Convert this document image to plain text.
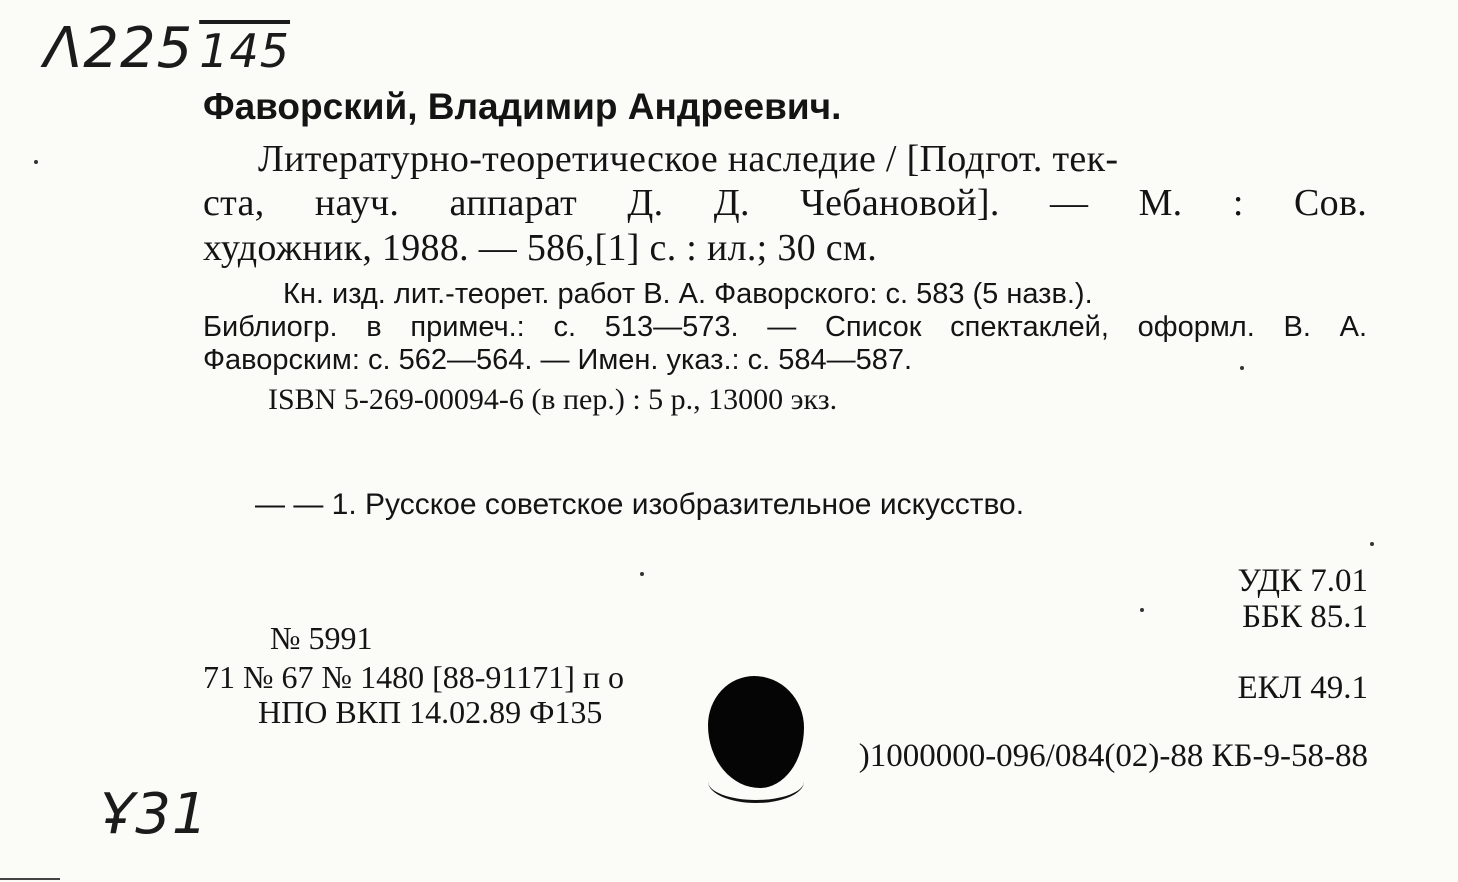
Λ225 145

Фаворский, Владимир Андреевич.

Литературно-теоретическое наследие / [Подгот. тек-

ста, науч. аппарат Д. Д. Чебановой]. — М. : Сов.

художник, 1988. — 586,[1] с. : ил.; 30 см.

Кн. изд. лит.-теорет. работ В. А. Фаворского: с. 583 (5 назв.).

Библиогр. в примеч.: с. 513—573. — Список спектаклей, оформл. В. А.

Фаворским: с. 562—564. — Имен. указ.: с. 584—587.

ISBN 5-269-00094-6 (в пер.) : 5 р., 13000 экз.

— — 1. Русское советское изобразительное искусство.

УДК 7.01

ББК 85.1

ЕКЛ 49.1

№ 5991

71 № 67 № 1480 [88-91171] п о

НПО ВКП 14.02.89 Ф135

)1000000-096/084(02)-88 КБ-9-58-88

Ұ31
